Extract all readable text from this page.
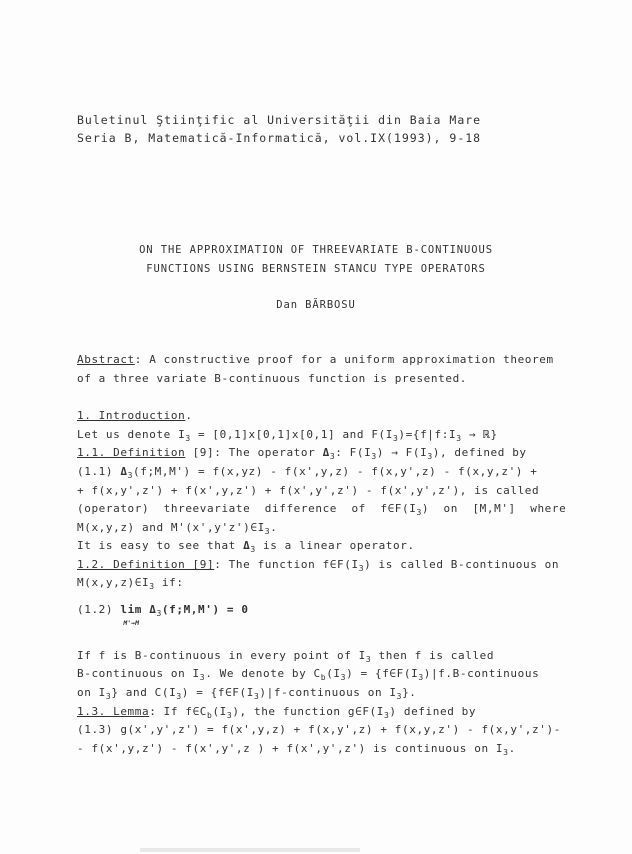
Buletinul Ştiinţific al Universităţii din Baia Mare
Seria B, Matematică-Informatică, vol.IX(1993), 9-18
ON THE APPROXIMATION OF THREEVARIATE B-CONTINUOUS
FUNCTIONS USING BERNSTEIN STANCU TYPE OPERATORS
Dan BĂRBOSU
Abstract: A constructive proof for a uniform approximation theorem
of a three variate B-continuous function is presented.
1. Introduction.
Let us denote $I_3 = [0,1]x[0,1]x[0,1]$ and $F(I_3)=\{f|f:I_3$ → ℝ}
1.1. Definition [9]: The operator $\Delta_3$: $F(I_3) \to F(I_3)$, defined by
(1.1) $\Delta_3(f;M,M') = f(x,yz) - f(x',y,z) - f(x,y',z) - f(x,y,z')$ +
+ f(x,y',z') + f(x',y,z') + f(x',y',z') - f(x',y',z'), is called
(operator)  threevariate  difference  of  $f\in F(I_3)$  on  [M,M']  where
M(x,y,z) and $M'(x',y'z')\in I_3$.
It is easy to see that $\Delta_3$ is a linear operator.
1.2. Definition [9]: The function $f\in F(I_3)$ is called B-continuous on
$M(x,y,z)\in I_3$ if:
(1.2) lim
M'→M
$\Delta_3(f;M,M') = 0$
If f is B-continuous in every point of $I_3$ then f is called
B-continuous on $I_3$. We denote by $C_b(I_3)$ = {$f\in F(I_3)|f.B$-continuous
on $I_3$} and $C(I_3)$ = {$f\in F(I_3)|f$-continuous on $I_3$}.
1.3. Lemma: If $f\in C_b(I_3)$, the function $g\in F(I_3)$ defined by
(1.3) g(x',y',z') = f(x',y,z) + f(x,y',z) + f(x,y,z') - f(x,y',z')-
- f(x',y,z') - f(x',y',z ) + f(x',y',z') is continuous on $I_3$.
